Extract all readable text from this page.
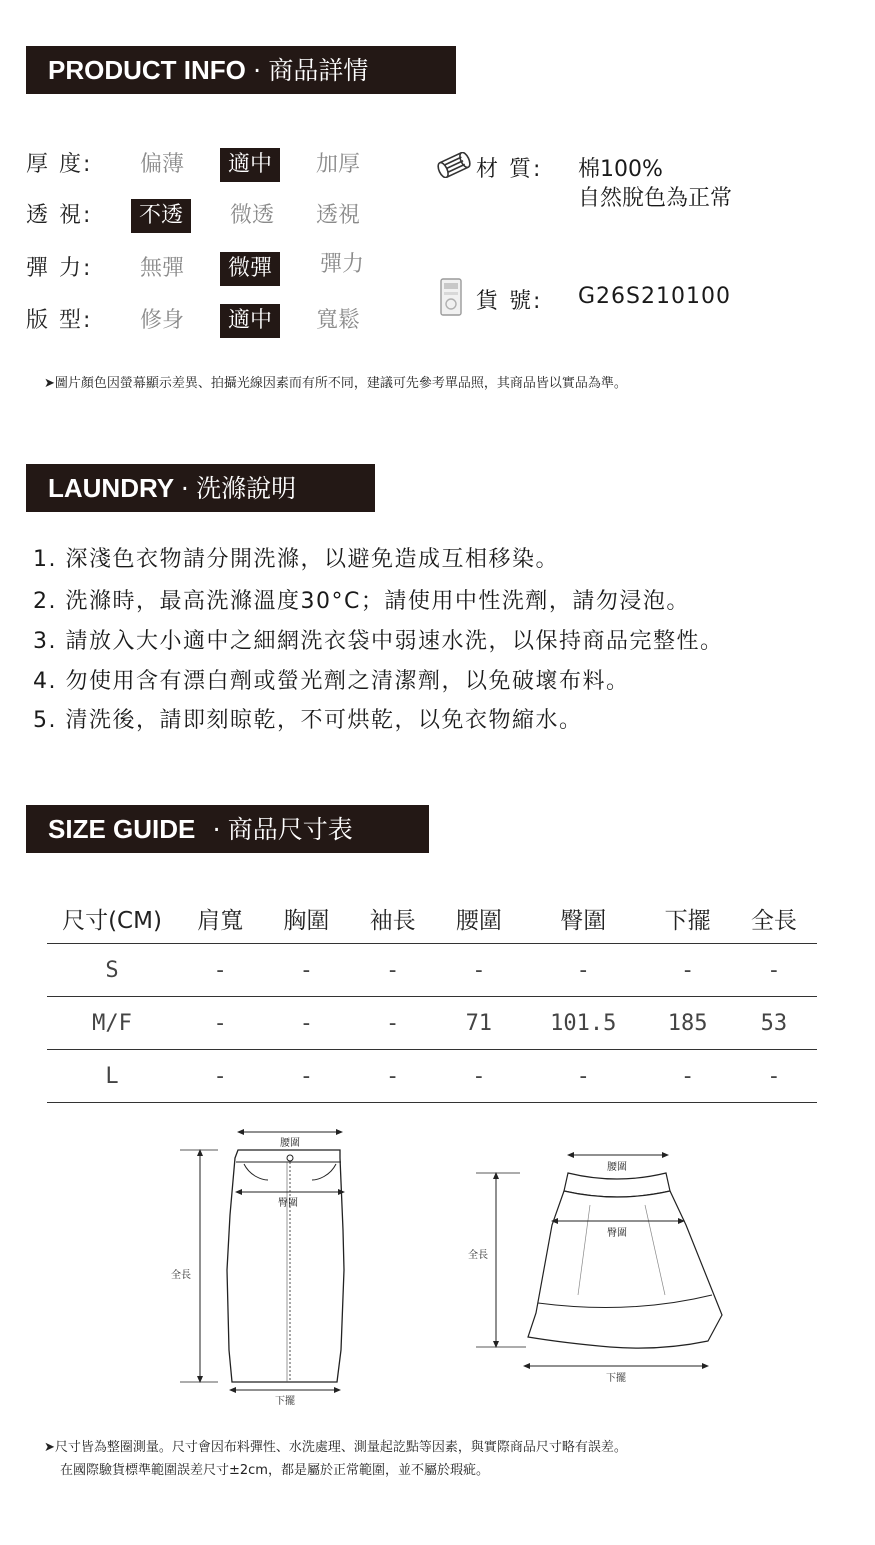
PRODUCT INFO · 商品詳情
厚 度: 偏薄	適中	加厚
透 視:	不透	微透 透視
彈 力: 無彈	微彈	彈力
版 型: 修身	適中	寬鬆
材 質: 棉100%
自然脫色為正常
貨 號: G26S210100
➤圖片顏色因螢幕顯示差異、拍攝光線因素而有所不同，建議可先參考單品照，其商品皆以實品為準。
LAUNDRY · 洗滌說明
1. 深淺色衣物請分開洗滌，以避免造成互相移染。
2. 洗滌時，最高洗滌溫度30°C；請使用中性洗劑，請勿浸泡。
3. 請放入大小適中之細網洗衣袋中弱速水洗，以保持商品完整性。
4. 勿使用含有漂白劑或螢光劑之清潔劑，以免破壞布料。
5. 清洗後，請即刻晾乾，不可烘乾，以免衣物縮水。
SIZE GUIDE · 商品尺寸表
尺寸(CM)	肩寬	胸圍	袖長	腰圍	臀圍	下擺	全長
S	-	-	-	-	-	-	-
M/F	-	-	-	71	101.5	185	53
L	-	-	-	-	-	-	-
腰圍
臀圍
全長
下擺
腰圍
臀圍
全長
下擺
➤尺寸皆為整圈測量。尺寸會因布料彈性、水洗處理、測量起訖點等因素，與實際商品尺寸略有誤差。
在國際驗貨標準範圍誤差尺寸±2cm，都是屬於正常範圍，並不屬於瑕疵。
